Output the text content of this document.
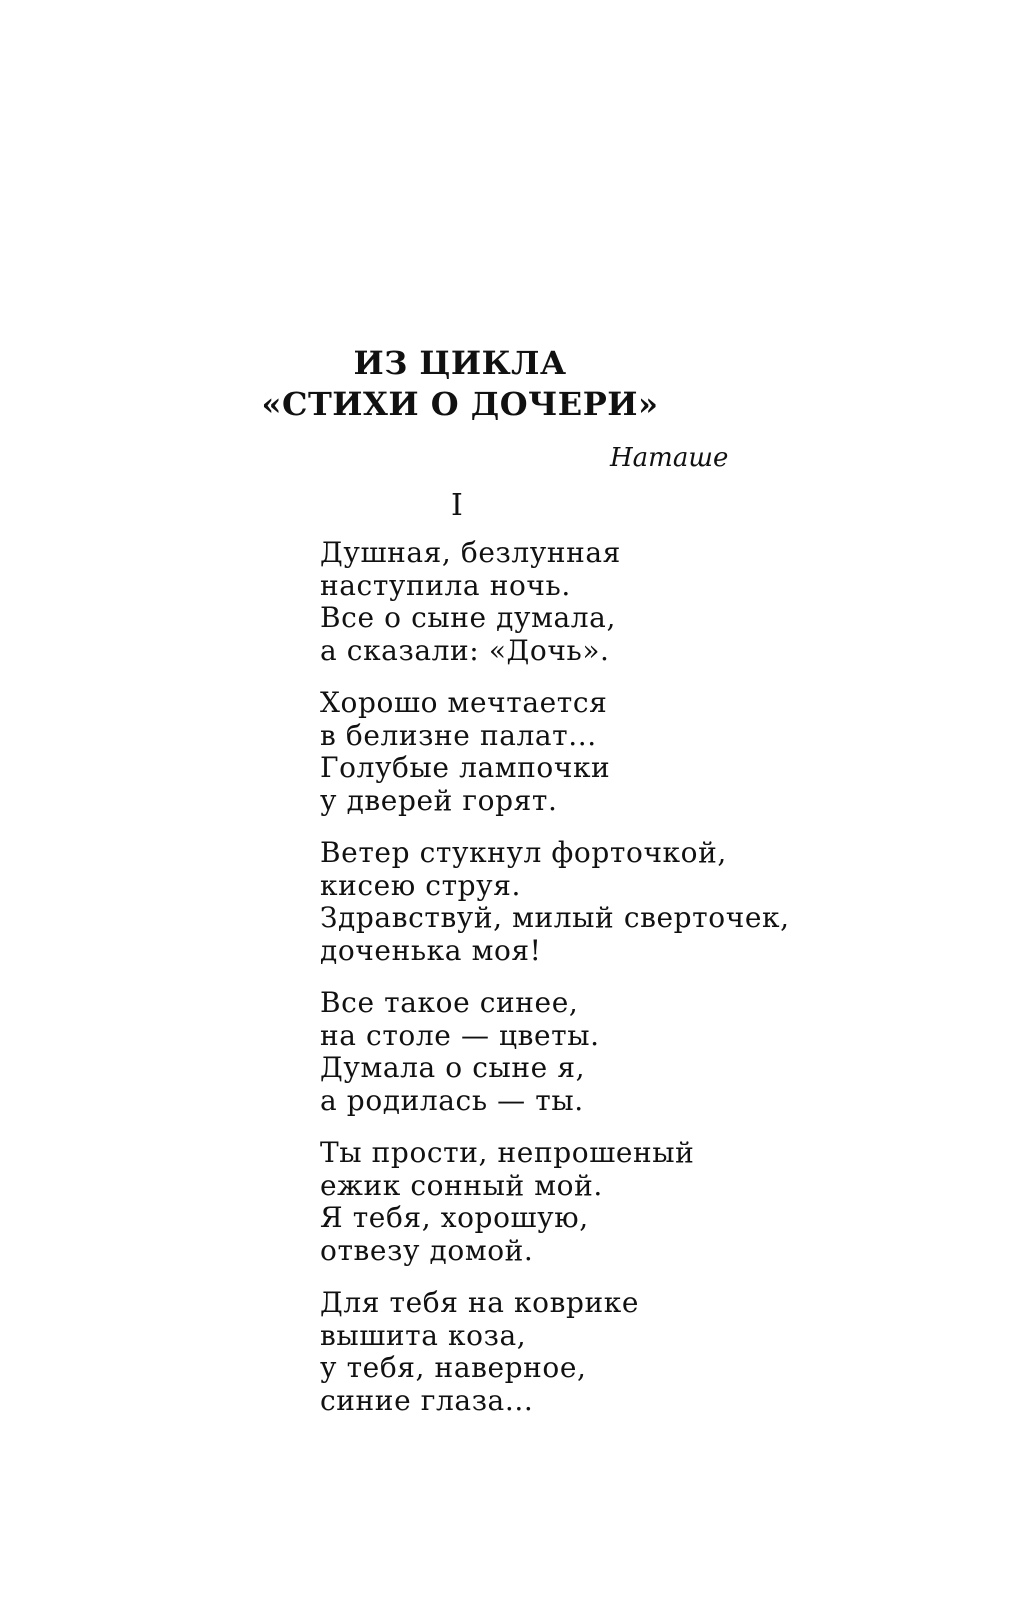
ИЗ ЦИКЛА
«СТИХИ О ДОЧЕРИ»
Наташе
I
Душная, безлунная
наступила ночь.
Все о сыне думала,
а сказали: «Дочь».
Хорошо мечтается
в белизне палат...
Голубые лампочки
у дверей горят.
Ветер стукнул форточкой,
кисею струя.
Здравствуй, милый сверточек,
доченька моя!
Все такое синее,
на столе — цветы.
Думала о сыне я,
а родилась — ты.
Ты прости, непрошеный
ежик сонный мой.
Я тебя, хорошую,
отвезу домой.
Для тебя на коврике
вышита коза,
у тебя, наверное,
синие глаза...
